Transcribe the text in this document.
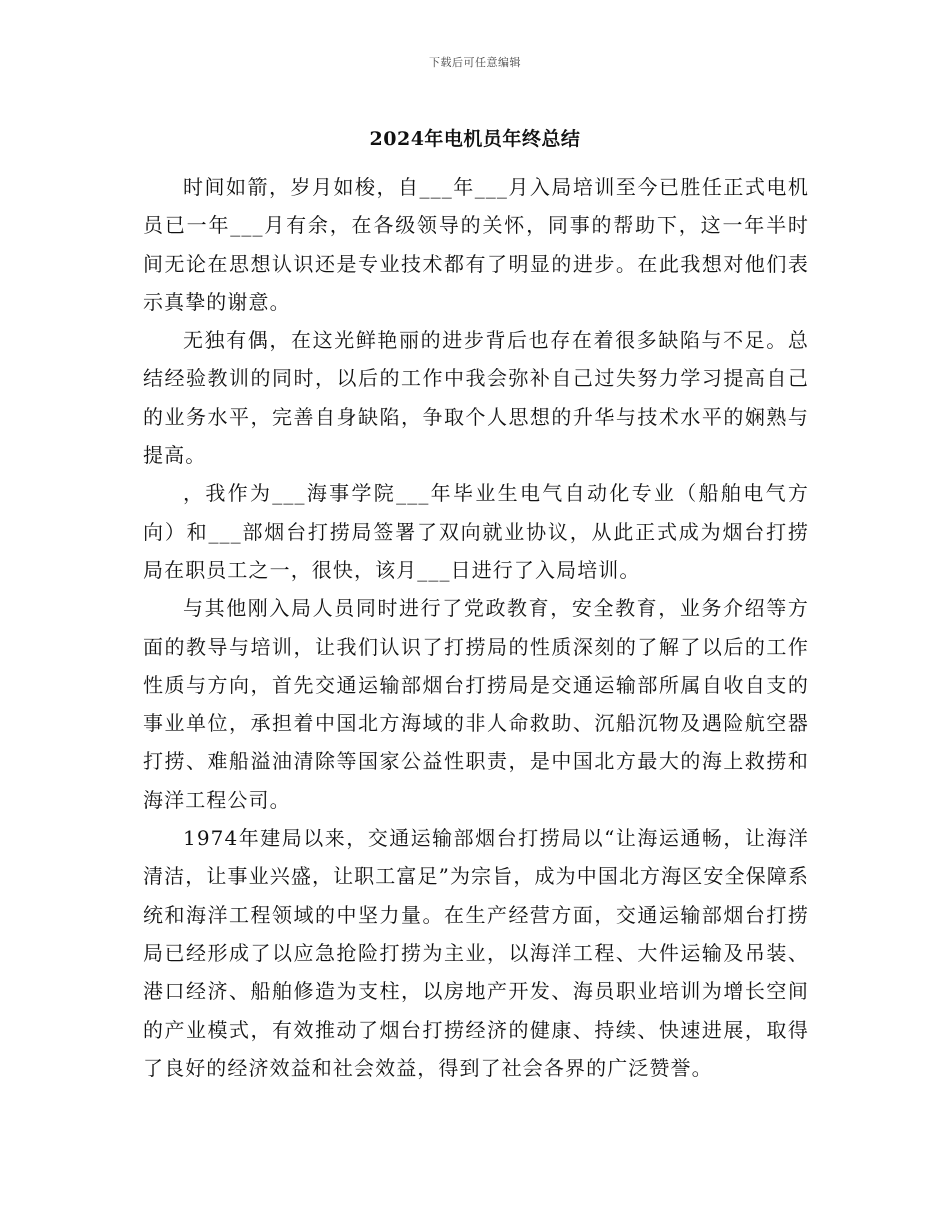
下载后可任意编辑
2024年电机员年终总结

时间如箭，岁月如梭，自___年___月入局培训至今已胜任正式电机员已一年___月有余，在各级领导的关怀，同事的帮助下，这一年半时间无论在思想认识还是专业技术都有了明显的进步。在此我想对他们表示真挚的谢意。

无独有偶，在这光鲜艳丽的进步背后也存在着很多缺陷与不足。总结经验教训的同时，以后的工作中我会弥补自己过失努力学习提高自己的业务水平，完善自身缺陷，争取个人思想的升华与技术水平的娴熟与提高。

，我作为___海事学院___年毕业生电气自动化专业（船舶电气方向）和___部烟台打捞局签署了双向就业协议，从此正式成为烟台打捞局在职员工之一，很快，该月___日进行了入局培训。

与其他刚入局人员同时进行了党政教育，安全教育，业务介绍等方面的教导与培训，让我们认识了打捞局的性质深刻的了解了以后的工作性质与方向，首先交通运输部烟台打捞局是交通运输部所属自收自支的事业单位，承担着中国北方海域的非人命救助、沉船沉物及遇险航空器打捞、难船溢油清除等国家公益性职责，是中国北方最大的海上救捞和海洋工程公司。

1974年建局以来，交通运输部烟台打捞局以“让海运通畅，让海洋清洁，让事业兴盛，让职工富足”为宗旨，成为中国北方海区安全保障系统和海洋工程领域的中坚力量。在生产经营方面，交通运输部烟台打捞局已经形成了以应急抢险打捞为主业，以海洋工程、大件运输及吊装、港口经济、船舶修造为支柱，以房地产开发、海员职业培训为增长空间的产业模式，有效推动了烟台打捞经济的健康、持续、快速进展，取得了良好的经济效益和社会效益，得到了社会各界的广泛赞誉。
